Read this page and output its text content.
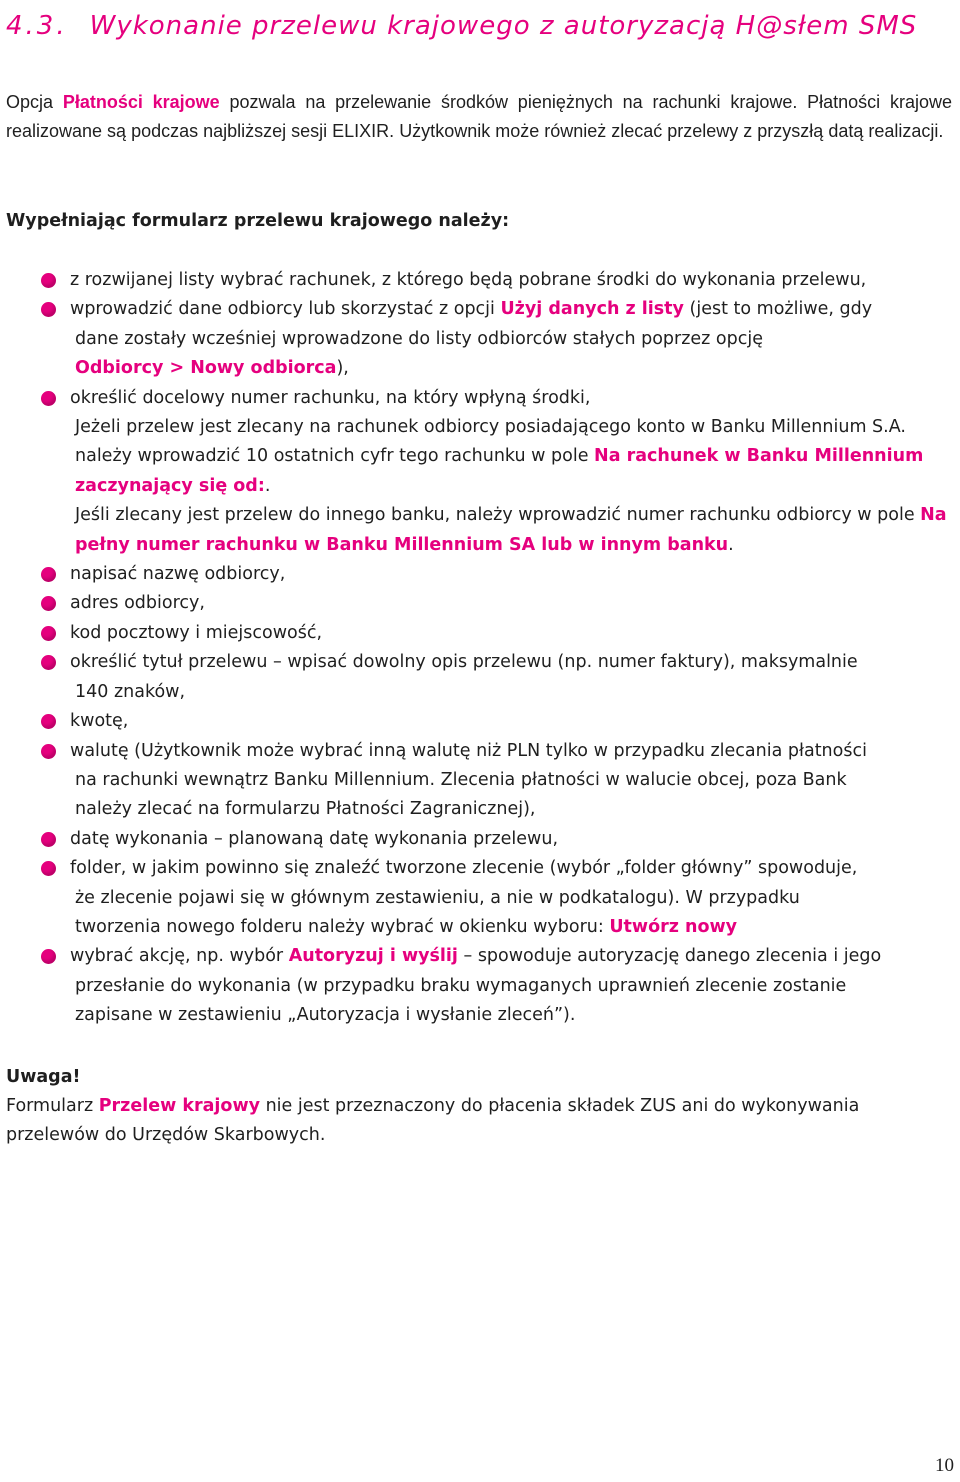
4.3. Wykonanie przelewu krajowego z autoryzacją H@słem SMS
Opcja Płatności krajowe pozwala na przelewanie środków pieniężnych na rachunki krajowe. Płatności krajowe realizowane są podczas najbliższej sesji ELIXIR. Użytkownik może również zlecać przelewy z przyszłą datą realizacji.
Wypełniając formularz przelewu krajowego należy:
z rozwijanej listy wybrać rachunek, z którego będą pobrane środki do wykonania przelewu,
wprowadzić dane odbiorcy lub skorzystać z opcji Użyj danych z listy (jest to możliwe, gdy
dane zostały wcześniej wprowadzone do listy odbiorców stałych poprzez opcję
Odbiorcy > Nowy odbiorca),
określić docelowy numer rachunku, na który wpłyną środki,
Jeżeli przelew jest zlecany na rachunek odbiorcy posiadającego konto w Banku Millennium S.A. należy wprowadzić 10 ostatnich cyfr tego rachunku w pole Na rachunek w Banku Millennium zaczynający się od:.
Jeśli zlecany jest przelew do innego banku, należy wprowadzić numer rachunku odbiorcy w pole Na pełny numer rachunku w Banku Millennium SA lub w innym banku.
napisać nazwę odbiorcy,
adres odbiorcy,
kod pocztowy i miejscowość,
określić tytuł przelewu – wpisać dowolny opis przelewu (np. numer faktury), maksymalnie
140 znaków,
kwotę,
walutę (Użytkownik może wybrać inną walutę niż PLN tylko w przypadku zlecania płatności
na rachunki wewnątrz Banku Millennium. Zlecenia płatności w walucie obcej, poza Bank
należy zlecać na formularzu Płatności Zagranicznej),
datę wykonania – planowaną datę wykonania przelewu,
folder, w jakim powinno się znaleźć tworzone zlecenie (wybór „folder główny” spowoduje,
że zlecenie pojawi się w głównym zestawieniu, a nie w podkatalogu). W przypadku
tworzenia nowego folderu należy wybrać w okienku wyboru: Utwórz nowy
wybrać akcję, np. wybór Autoryzuj i wyślij – spowoduje autoryzację danego zlecenia i jego
przesłanie do wykonania (w przypadku braku wymaganych uprawnień zlecenie zostanie
zapisane w zestawieniu „Autoryzacja i wysłanie zleceń”).
Uwaga!
Formularz Przelew krajowy nie jest przeznaczony do płacenia składek ZUS ani do wykonywania przelewów do Urzędów Skarbowych.
10
